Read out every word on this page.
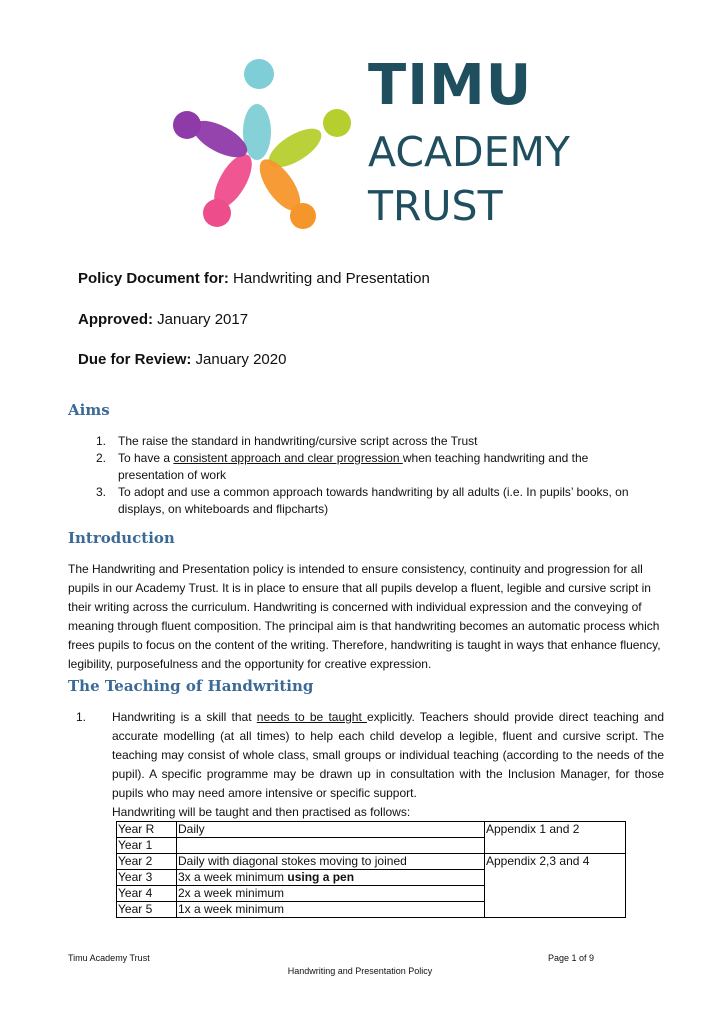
TIMU
ACADEMY
TRUST
Policy Document for: Handwriting and Presentation
Approved: January 2017
Due for Review: January 2020
Aims
1. The raise the standard in handwriting/cursive script across the Trust
2. To have a consistent approach and clear progression when teaching handwriting and the presentation of work
3. To adopt and use a common approach towards handwriting by all adults (i.e. In pupils’ books, on displays, on whiteboards and flipcharts)
Introduction
The Handwriting and Presentation policy is intended to ensure consistency, continuity and progression for all pupils in our Academy Trust. It is in place to ensure that all pupils develop a fluent, legible and cursive script in their writing across the curriculum. Handwriting is concerned with individual expression and the conveying of meaning through fluent composition. The principal aim is that handwriting becomes an automatic process which frees pupils to focus on the content of the writing. Therefore, handwriting is taught in ways that enhance fluency, legibility, purposefulness and the opportunity for creative expression.
The Teaching of Handwriting
1. Handwriting is a skill that needs to be taught explicitly. Teachers should provide direct teaching and accurate modelling (at all times) to help each child develop a legible, fluent and cursive script. The teaching may consist of whole class, small groups or individual teaching (according to the needs of the pupil). A specific programme may be drawn up in consultation with the Inclusion Manager, for those pupils who may need amore intensive or specific support.
Handwriting will be taught and then practised as follows:
Year R	Daily	Appendix 1 and 2
Year 1		
Year 2	Daily with diagonal stokes moving to joined	Appendix 2,3 and 4
Year 3	3x a week minimum using a pen	
Year 4	2x a week minimum	
Year 5	1x a week minimum	
Timu Academy Trust	Page 1 of 9
Handwriting and Presentation Policy
